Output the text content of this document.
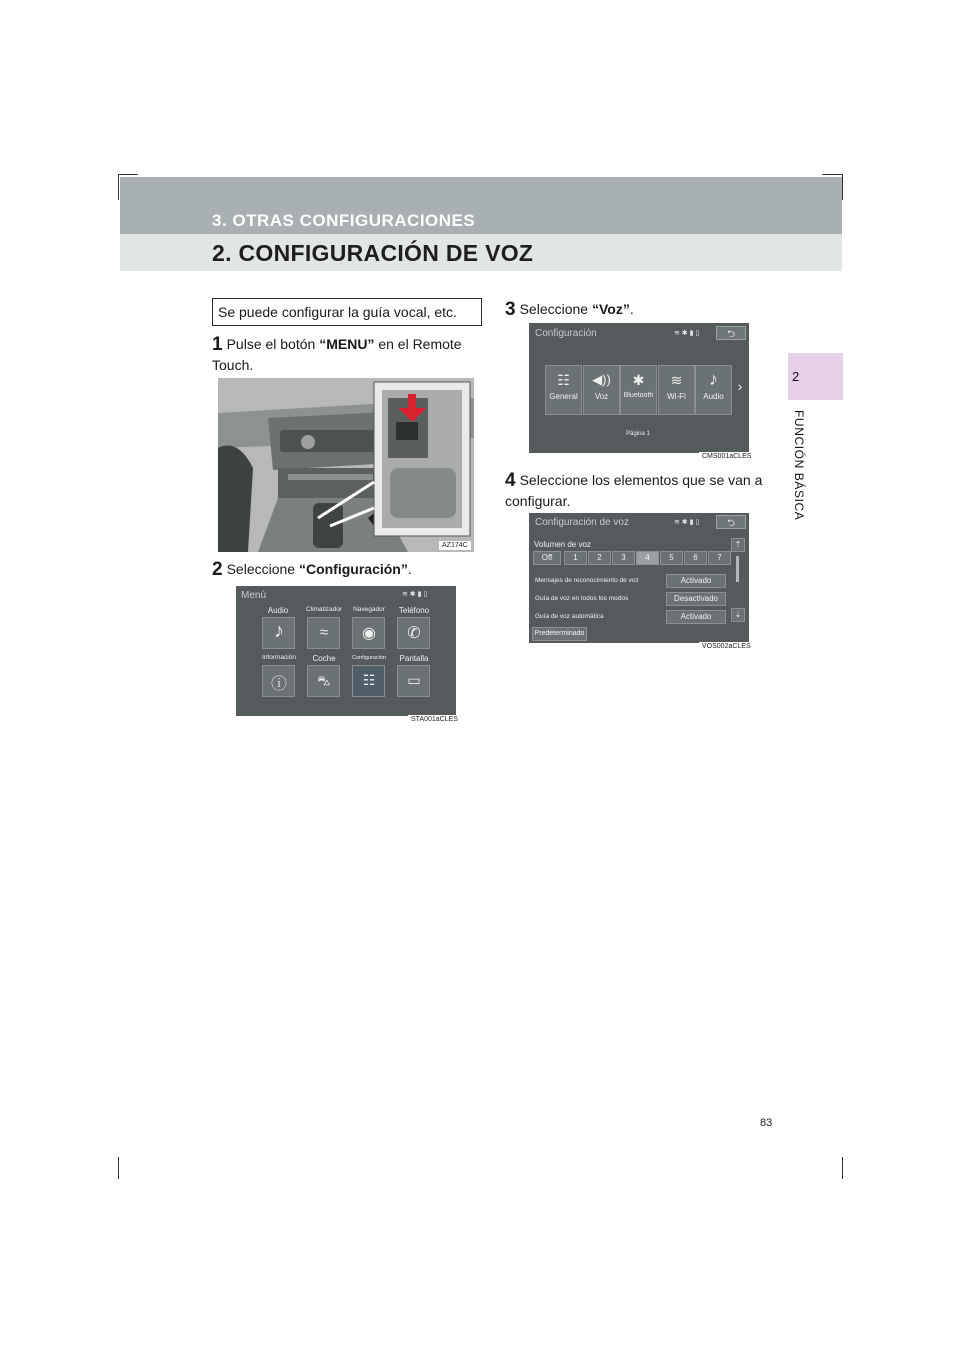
3. OTRAS CONFIGURACIONES
2. CONFIGURACIÓN DE VOZ
2
FUNCIÓN BÁSICA
Se puede configurar la guía vocal, etc.
1 Pulse el botón “MENU” en el Remote Touch.
AZ174C
2 Seleccione “Configuración”.
Menú	≋ ✱ ▮ ▯
Audio	Climatizador	Navegador	Teléfono
♪	≈	◉ ✆
Información	Coche	Configuración	Pantalla
ⓘ ⛍ ☷ ▭
STA001aCLES
3 Seleccione “Voz”.
Configuración	≋ ✱ ▮ ▯	⮌
☷
General
◀))
Voz
✱
Bluetooth
≋
Wi-Fi
♪
Audio
›
Página 1
CMS001aCLES
4 Seleccione los elementos que se van a configurar.
Configuración de voz	≋ ✱ ▮ ▯	⮌
Volumen de voz
Off	1	2	3	4	5	6	7
Mensajes de reconocimiento de voz	Activado
Guía de voz en todos los modos	Desactivado
Guía de voz automática	Activado
Predeterminado
⇡
⇣
VOS002aCLES
83
